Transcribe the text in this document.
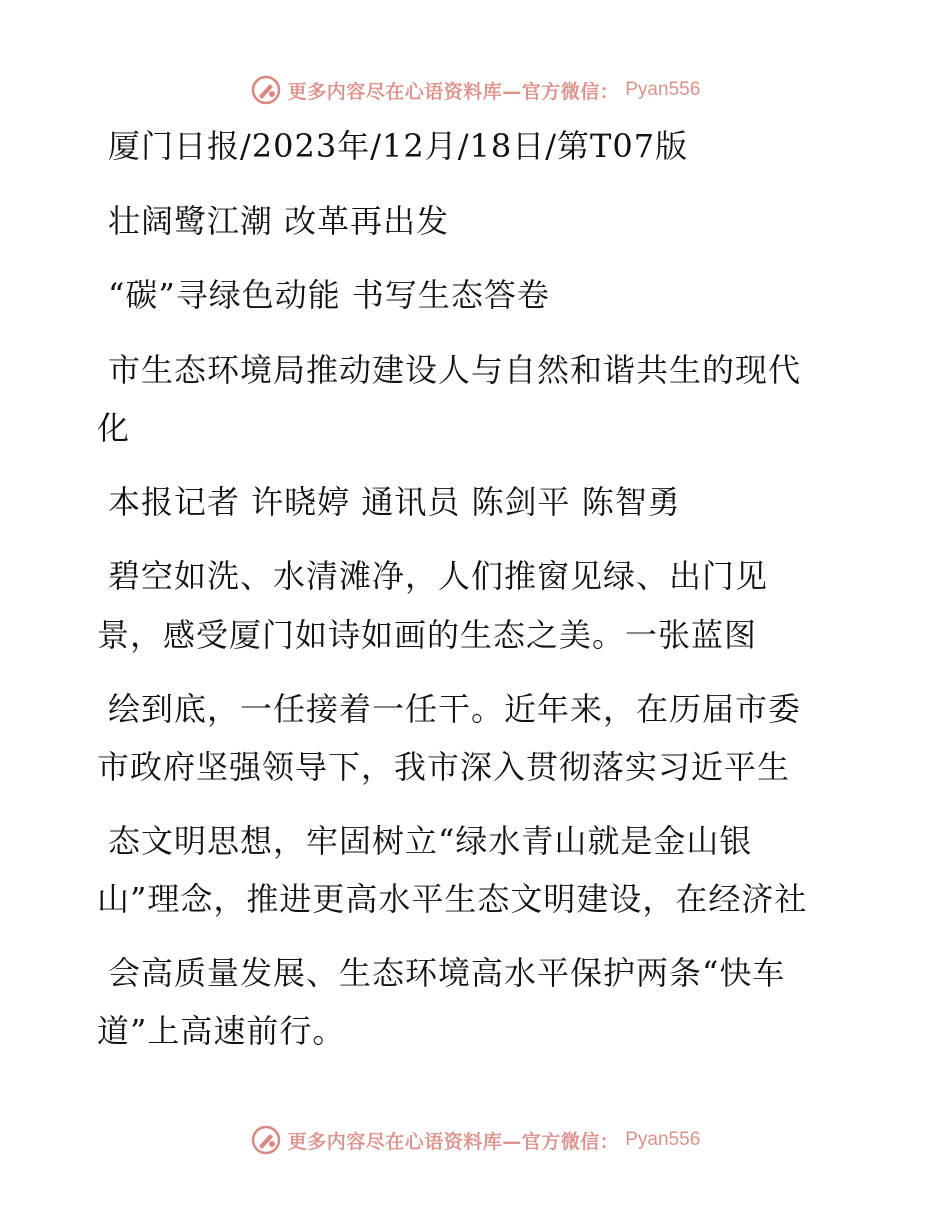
更多内容尽在心语资料库—官方微信： Pyan556
厦门日报/2023年/12月/18日/第T07版
壮阔鹭江潮 改革再出发
“碳”寻绿色动能 书写生态答卷
市生态环境局推动建设人与自然和谐共生的现代
化
本报记者 许晓婷 通讯员 陈剑平 陈智勇
碧空如洗、水清滩净，人们推窗见绿、出门见
景，感受厦门如诗如画的生态之美。一张蓝图
绘到底，一任接着一任干。近年来，在历届市委
市政府坚强领导下，我市深入贯彻落实习近平生
态文明思想，牢固树立“绿水青山就是金山银
山”理念，推进更高水平生态文明建设，在经济社
会高质量发展、生态环境高水平保护两条“快车
道”上高速前行。
更多内容尽在心语资料库—官方微信： Pyan556
